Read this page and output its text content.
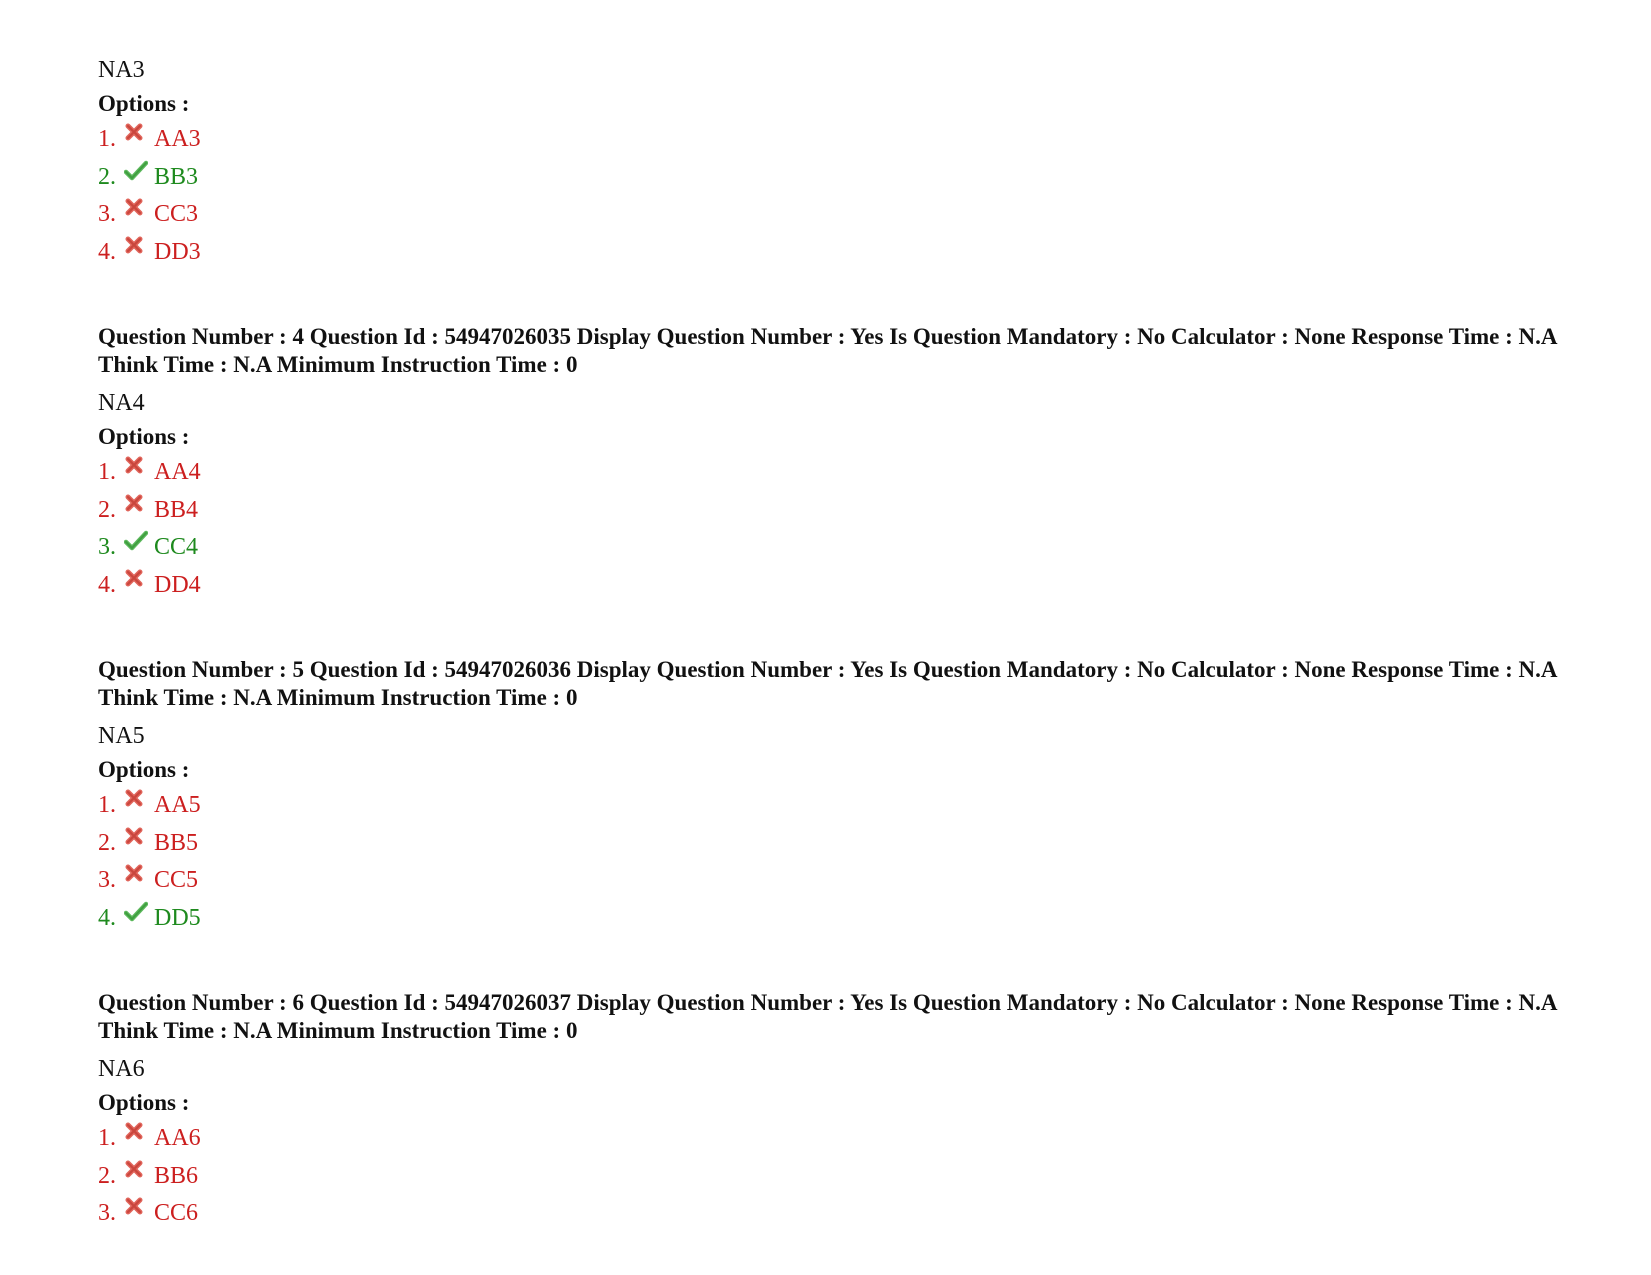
NA3
Options :
1.	AA3
2.	BB3
3.	CC3
4.	DD3
Question Number : 4 Question Id : 54947026035 Display Question Number : Yes Is Question Mandatory : No Calculator : None Response Time : N.A Think Time : N.A Minimum Instruction Time : 0
NA4
Options :
1.	AA4
2.	BB4
3.	CC4
4.	DD4
Question Number : 5 Question Id : 54947026036 Display Question Number : Yes Is Question Mandatory : No Calculator : None Response Time : N.A Think Time : N.A Minimum Instruction Time : 0
NA5
Options :
1.	AA5
2.	BB5
3.	CC5
4.	DD5
Question Number : 6 Question Id : 54947026037 Display Question Number : Yes Is Question Mandatory : No Calculator : None Response Time : N.A Think Time : N.A Minimum Instruction Time : 0
NA6
Options :
1.	AA6
2.	BB6
3.	CC6
